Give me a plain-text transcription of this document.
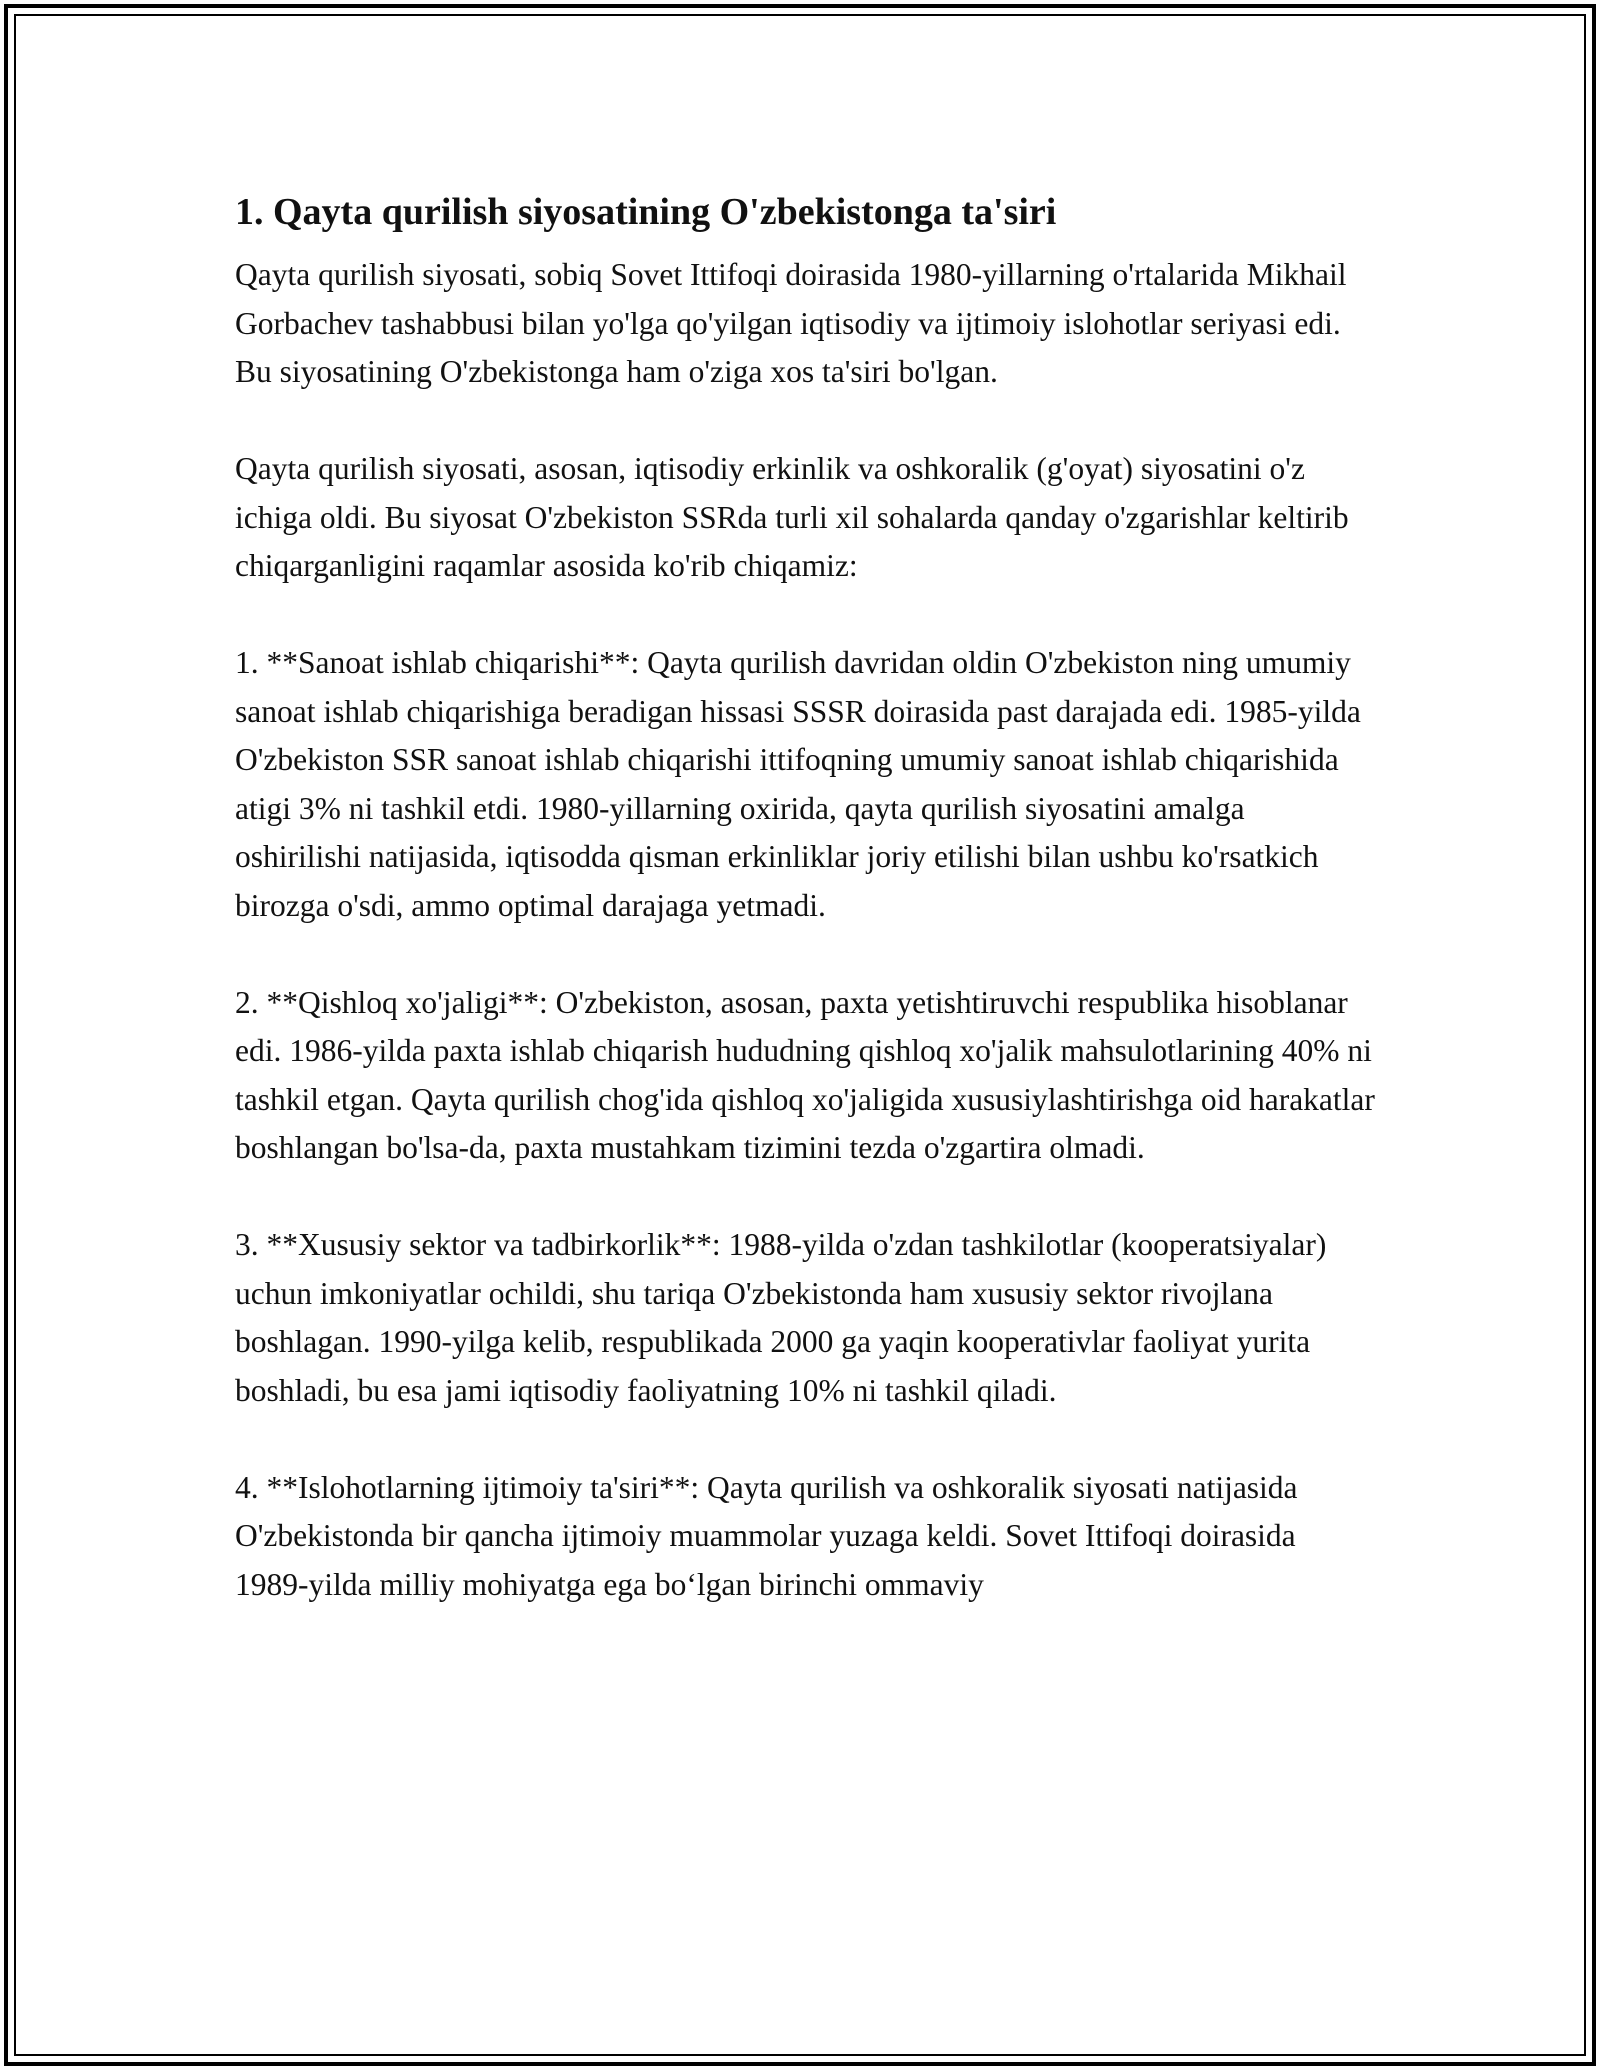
1. Qayta qurilish siyosatining O'zbekistonga ta'siri

Qayta qurilish siyosati, sobiq Sovet Ittifoqi doirasida 1980-yillarning o'rtalarida Mikhail Gorbachev tashabbusi bilan yo'lga qo'yilgan iqtisodiy va ijtimoiy islohotlar seriyasi edi. Bu siyosatining O'zbekistonga ham o'ziga xos ta'siri bo'lgan.

Qayta qurilish siyosati, asosan, iqtisodiy erkinlik va oshkoralik (g'oyat) siyosatini o'z ichiga oldi. Bu siyosat O'zbekiston SSRda turli xil sohalarda qanday o'zgarishlar keltirib chiqarganligini raqamlar asosida ko'rib chiqamiz:

1. **Sanoat ishlab chiqarishi**: Qayta qurilish davridan oldin O'zbekiston ning umumiy sanoat ishlab chiqarishiga beradigan hissasi SSSR doirasida past darajada edi. 1985-yilda O'zbekiston SSR sanoat ishlab chiqarishi ittifoqning umumiy sanoat ishlab chiqarishida atigi 3% ni tashkil etdi. 1980-yillarning oxirida, qayta qurilish siyosatini amalga oshirilishi natijasida, iqtisodda qisman erkinliklar joriy etilishi bilan ushbu ko'rsatkich birozga o'sdi, ammo optimal darajaga yetmadi.

2. **Qishloq xo'jaligi**: O'zbekiston, asosan, paxta yetishtiruvchi respublika hisoblanar edi. 1986-yilda paxta ishlab chiqarish hududning qishloq xo'jalik mahsulotlarining 40% ni tashkil etgan. Qayta qurilish chog'ida qishloq xo'jaligida xususiylashtirishga oid harakatlar boshlangan bo'lsa-da, paxta mustahkam tizimini tezda o'zgartira olmadi.

3. **Xususiy sektor va tadbirkorlik**: 1988-yilda o'zdan tashkilotlar (kooperatsiyalar) uchun imkoniyatlar ochildi, shu tariqa O'zbekistonda ham xususiy sektor rivojlana boshlagan. 1990-yilga kelib, respublikada 2000 ga yaqin kooperativlar faoliyat yurita boshladi, bu esa jami iqtisodiy faoliyatning 10% ni tashkil qiladi.

4. **Islohotlarning ijtimoiy ta'siri**: Qayta qurilish va oshkoralik siyosati natijasida O'zbekistonda bir qancha ijtimoiy muammolar yuzaga keldi. Sovet Ittifoqi doirasida 1989-yilda milliy mohiyatga ega bo‘lgan birinchi ommaviy
